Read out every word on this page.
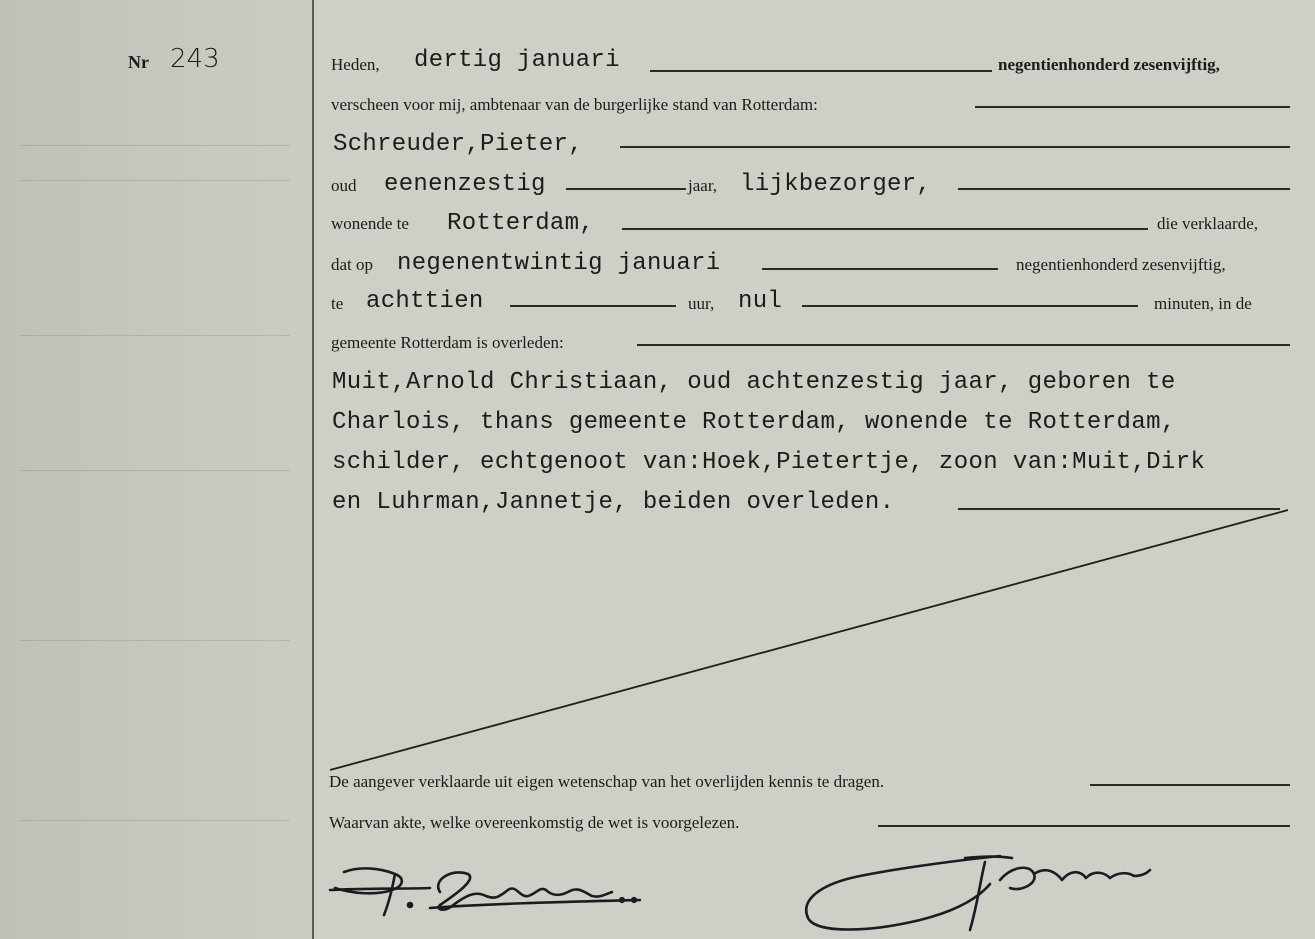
Nr 243	Heden, dertig januari	negentienhonderd zesenvijftig,
verscheen voor mij, ambtenaar van de burgerlijke stand van Rotterdam:
Schreuder,Pieter,
oud eenenzestig	jaar, lijkbezorger,
wonende te Rotterdam,	die verklaarde,
dat op negenentwintig januari	negentienhonderd zesenvijftig,
te achttien	uur, nul	minuten, in de
gemeente Rotterdam is overleden:
Muit,Arnold Christiaan, oud achtenzestig jaar, geboren te
Charlois, thans gemeente Rotterdam, wonende te Rotterdam,
schilder, echtgenoot van:Hoek,Pietertje, zoon van:Muit,Dirk
en Luhrman,Jannetje, beiden overleden.
De aangever verklaarde uit eigen wetenschap van het overlijden kennis te dragen.
Waarvan akte, welke overeenkomstig de wet is voorgelezen.
